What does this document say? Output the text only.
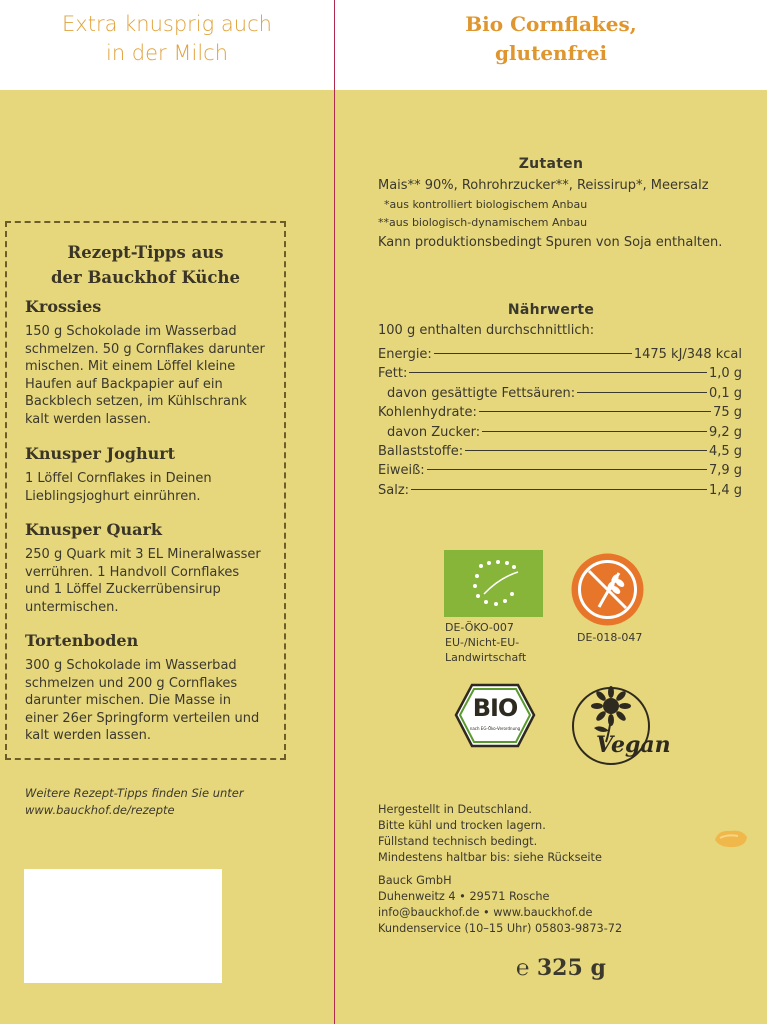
Extra knusprig auch
in der Milch
Bio Cornflakes,
glutenfrei
Rezept-Tipps aus
der Bauckhof Küche
Krossies
150 g Schokolade im Wasserbad
schmelzen. 50 g Cornflakes darunter
mischen. Mit einem Löffel kleine
Haufen auf Backpapier auf ein
Backblech setzen, im Kühlschrank
kalt werden lassen.
Knusper Joghurt
1 Löffel Cornflakes in Deinen
Lieblingsjoghurt einrühren.
Knusper Quark
250 g Quark mit 3 EL Mineralwasser
verrühren. 1 Handvoll Cornflakes
und 1 Löffel Zuckerrübensirup
untermischen.
Tortenboden
300 g Schokolade im Wasserbad
schmelzen und 200 g Cornflakes
darunter mischen. Die Masse in
einer 26er Springform verteilen und
kalt werden lassen.
Weitere Rezept-Tipps finden Sie unter
www.bauckhof.de/rezepte
Zutaten
Mais** 90%, Rohrohrzucker**, Reissirup*, Meersalz
*aus kontrolliert biologischem Anbau
**aus biologisch-dynamischem Anbau
Kann produktionsbedingt Spuren von Soja enthalten.
Nährwerte
100 g enthalten durchschnittlich:
Energie:	1475 kJ/348 kcal
Fett:	1,0 g
davon gesättigte Fettsäuren:	0,1 g
Kohlenhydrate:	75 g
davon Zucker:	9,2 g
Ballaststoffe:	4,5 g
Eiweiß:	7,9 g
Salz:	1,4 g
DE-ÖKO-007
EU-/Nicht-EU-
Landwirtschaft
DE-018-047
BIO
nach EG-Öko-Verordnung
Vegan
Hergestellt in Deutschland.
Bitte kühl und trocken lagern.
Füllstand technisch bedingt.
Mindestens haltbar bis: siehe Rückseite
Bauck GmbH
Duhenweitz 4 • 29571 Rosche
info@bauckhof.de • www.bauckhof.de
Kundenservice (10–15 Uhr) 05803-9873-72
℮ 325 g
